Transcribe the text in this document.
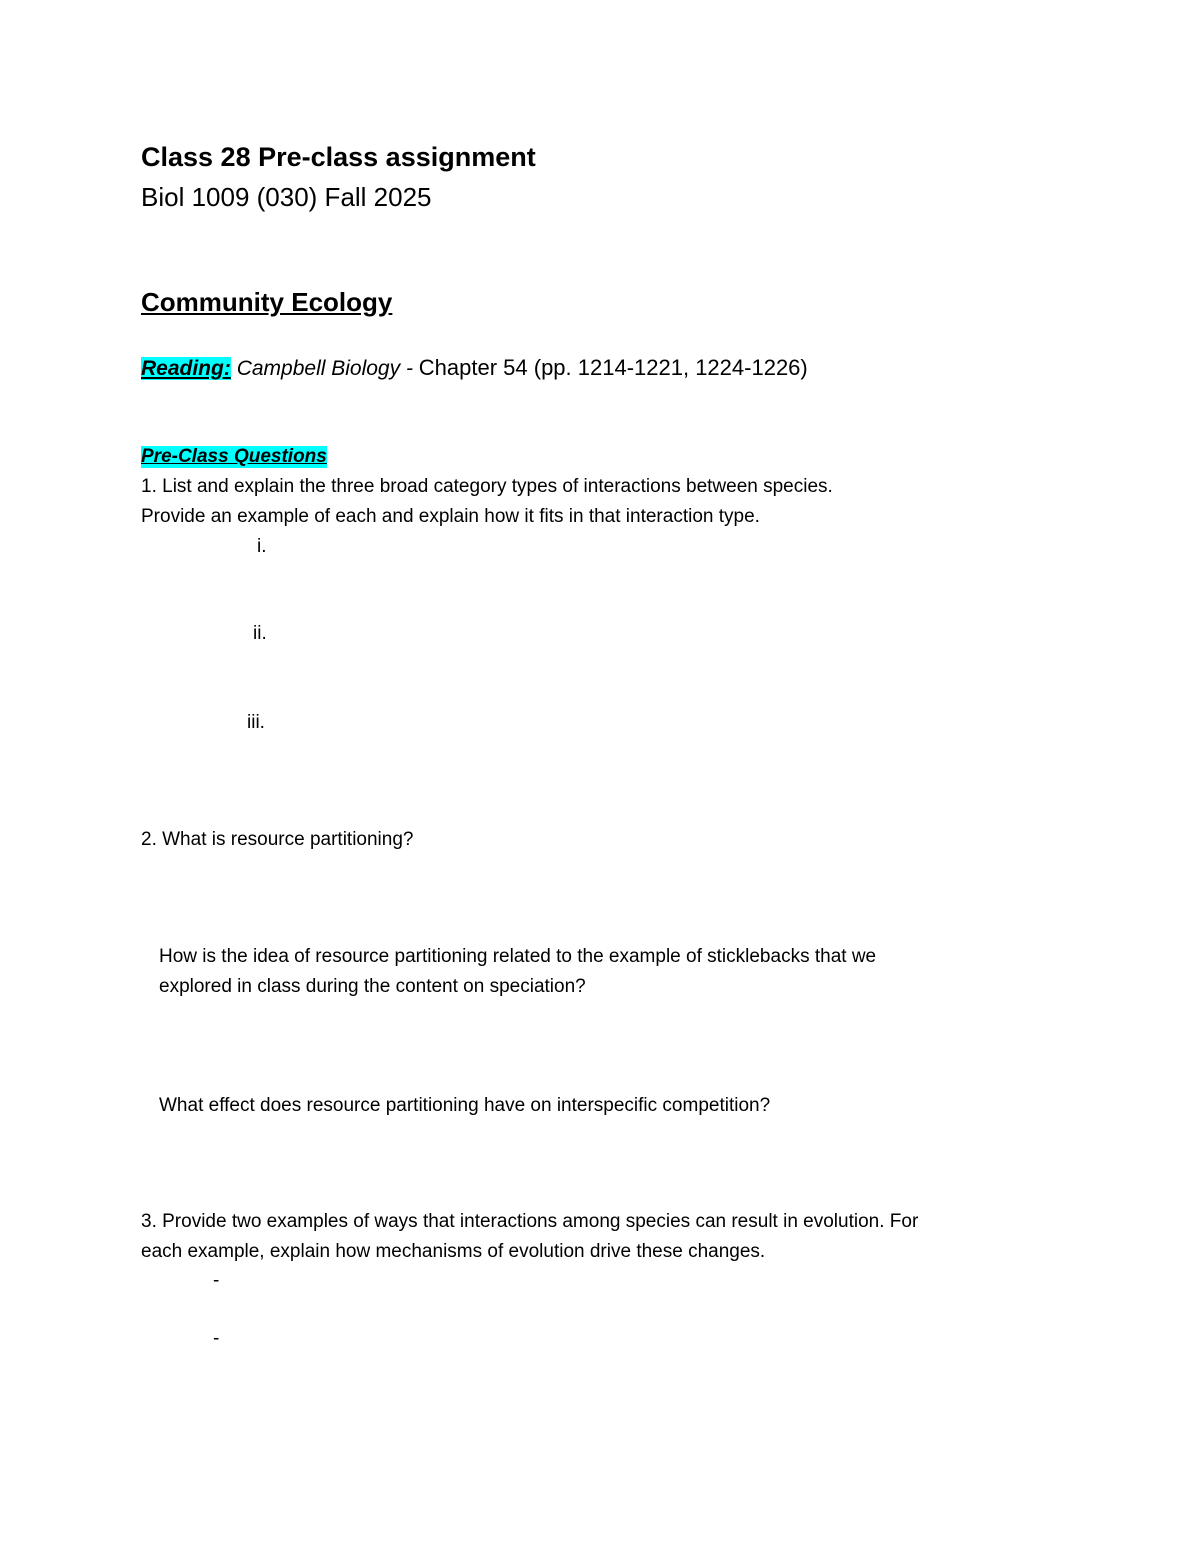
Class 28 Pre-class assignment
Biol 1009 (030) Fall 2025
Community Ecology
Reading: Campbell Biology - Chapter 54 (pp. 1214-1221, 1224-1226)
Pre-Class Questions
1. List and explain the three broad category types of interactions between species.
Provide an example of each and explain how it fits in that interaction type.
i.
ii.
iii.
2. What is resource partitioning?
How is the idea of resource partitioning related to the example of sticklebacks that we
explored in class during the content on speciation?
What effect does resource partitioning have on interspecific competition?
3. Provide two examples of ways that interactions among species can result in evolution. For
each example, explain how mechanisms of evolution drive these changes.
-
-
